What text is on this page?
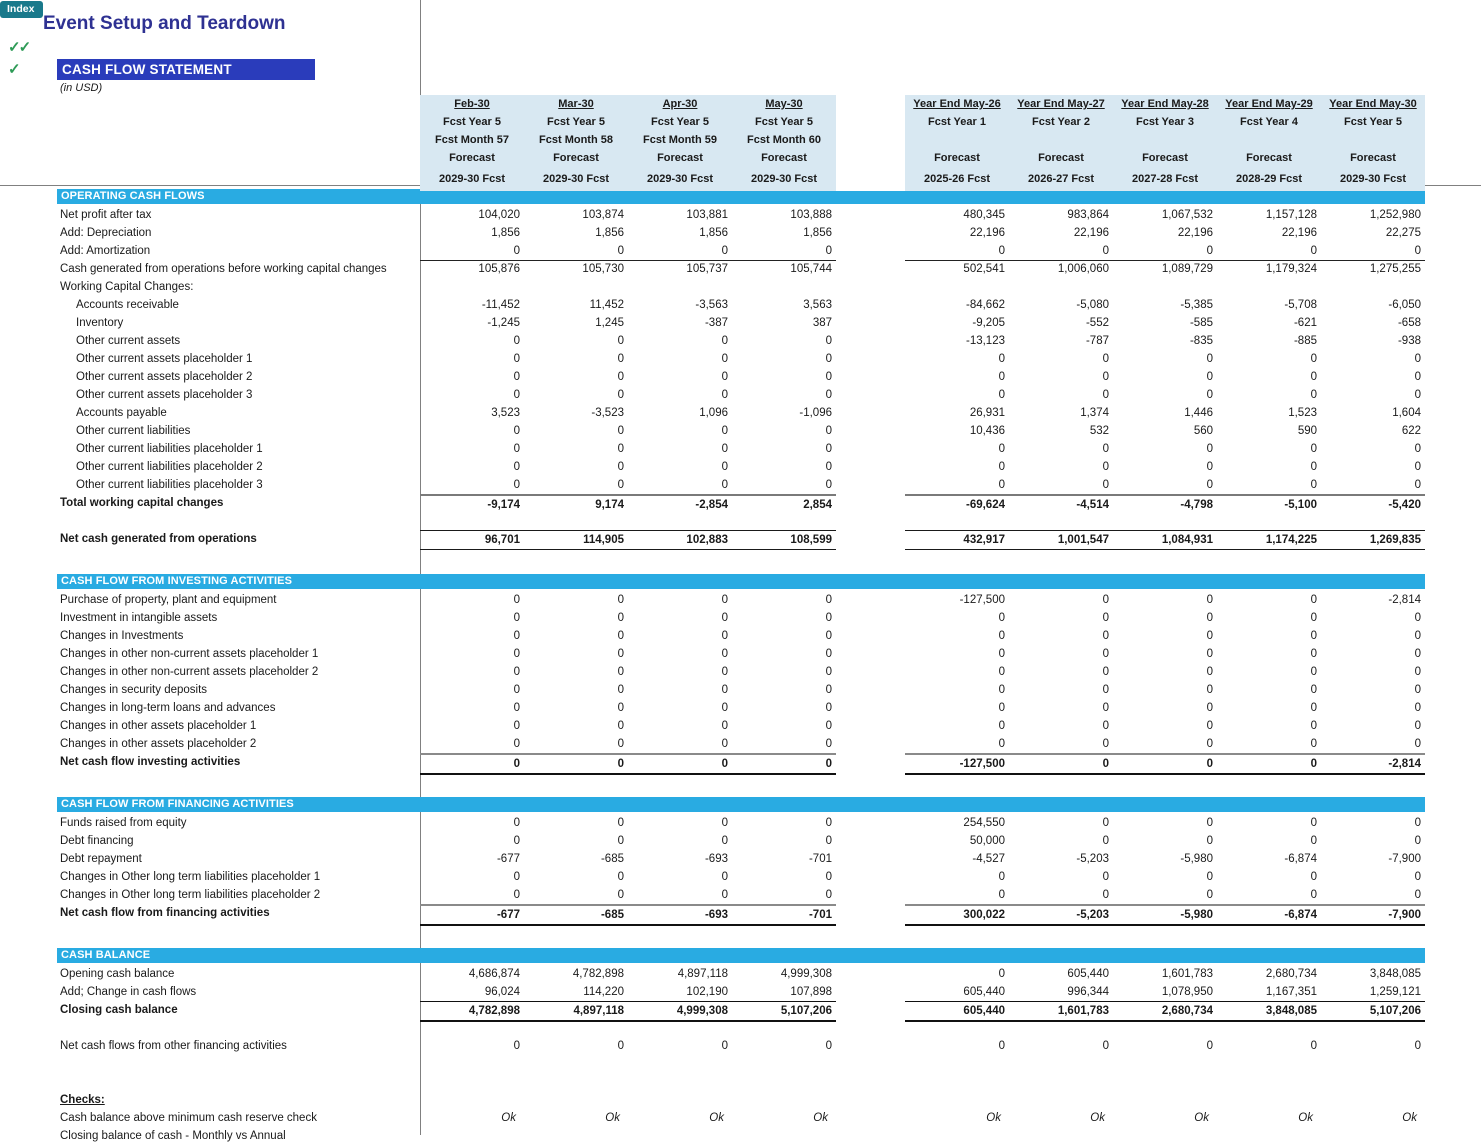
Index
Event Setup and Teardown
✓✓
✓	CASH FLOW STATEMENT
(in USD)
Feb-30	Mar-30	Apr-30	May-30	Year End May-26	Year End May-27	Year End May-28	Year End May-29	Year End May-30
Fcst Year 5	Fcst Year 5	Fcst Year 5	Fcst Year 5	Fcst Year 1	Fcst Year 2	Fcst Year 3	Fcst Year 4	Fcst Year 5
Fcst Month 57	Fcst Month 58	Fcst Month 59	Fcst Month 60
Forecast	Forecast	Forecast	Forecast	Forecast	Forecast	Forecast	Forecast	Forecast
2029-30 Fcst	2029-30 Fcst	2029-30 Fcst	2029-30 Fcst	2025-26 Fcst	2026-27 Fcst	2027-28 Fcst	2028-29 Fcst	2029-30 Fcst
OPERATING CASH FLOWS
Net profit after tax	104,020	103,874	103,881	103,888	480,345	983,864	1,067,532	1,157,128	1,252,980
Add: Depreciation	1,856	1,856	1,856	1,856	22,196	22,196	22,196	22,196	22,275
Add: Amortization	0	0	0	0	0	0	0	0	0
Cash generated from operations before working capital changes	105,876	105,730	105,737	105,744	502,541	1,006,060	1,089,729	1,179,324	1,275,255
Working Capital Changes:
Accounts receivable	-11,452	11,452	-3,563	3,563	-84,662	-5,080	-5,385	-5,708	-6,050
Inventory	-1,245	1,245	-387	387	-9,205	-552	-585	-621	-658
Other current assets	0	0	0	0	-13,123	-787	-835	-885	-938
Other current assets placeholder 1	0	0	0	0	0	0	0	0	0
Other current assets placeholder 2	0	0	0	0	0	0	0	0	0
Other current assets placeholder 3	0	0	0	0	0	0	0	0	0
Accounts payable	3,523	-3,523	1,096	-1,096	26,931	1,374	1,446	1,523	1,604
Other current liabilities	0	0	0	0	10,436	532	560	590	622
Other current liabilities placeholder 1	0	0	0	0	0	0	0	0	0
Other current liabilities placeholder 2	0	0	0	0	0	0	0	0	0
Other current liabilities placeholder 3	0	0	0	0	0	0	0	0	0
Total working capital changes	-9,174	9,174	-2,854	2,854	-69,624	-4,514	-4,798	-5,100	-5,420
Net cash generated from operations	96,701	114,905	102,883	108,599	432,917	1,001,547	1,084,931	1,174,225	1,269,835
CASH FLOW FROM INVESTING ACTIVITIES
Purchase of property, plant and equipment	0	0	0	0	-127,500	0	0	0	-2,814
Investment in intangible assets	0	0	0	0	0	0	0	0	0
Changes in Investments	0	0	0	0	0	0	0	0	0
Changes in other non-current assets placeholder 1	0	0	0	0	0	0	0	0	0
Changes in other non-current assets placeholder 2	0	0	0	0	0	0	0	0	0
Changes in security deposits	0	0	0	0	0	0	0	0	0
Changes in long-term loans and advances	0	0	0	0	0	0	0	0	0
Changes in other assets placeholder 1	0	0	0	0	0	0	0	0	0
Changes in other assets placeholder 2	0	0	0	0	0	0	0	0	0
Net cash flow investing activities	0	0	0	0	-127,500	0	0	0	-2,814
CASH FLOW FROM FINANCING ACTIVITIES
Funds raised from equity	0	0	0	0	254,550	0	0	0	0
Debt financing	0	0	0	0	50,000	0	0	0	0
Debt repayment	-677	-685	-693	-701	-4,527	-5,203	-5,980	-6,874	-7,900
Changes in Other long term liabilities placeholder 1	0	0	0	0	0	0	0	0	0
Changes in Other long term liabilities placeholder 2	0	0	0	0	0	0	0	0	0
Net cash flow from financing activities	-677	-685	-693	-701	300,022	-5,203	-5,980	-6,874	-7,900
CASH BALANCE
Opening cash balance	4,686,874	4,782,898	4,897,118	4,999,308	0	605,440	1,601,783	2,680,734	3,848,085
Add; Change in cash flows	96,024	114,220	102,190	107,898	605,440	996,344	1,078,950	1,167,351	1,259,121
Closing cash balance	4,782,898	4,897,118	4,999,308	5,107,206	605,440	1,601,783	2,680,734	3,848,085	5,107,206
Net cash flows from other financing activities	0	0	0	0	0	0	0	0	0
Checks:
Cash balance above minimum cash reserve check	Ok	Ok	Ok	Ok	Ok	Ok	Ok	Ok	Ok
Closing balance of cash - Monthly vs Annual
